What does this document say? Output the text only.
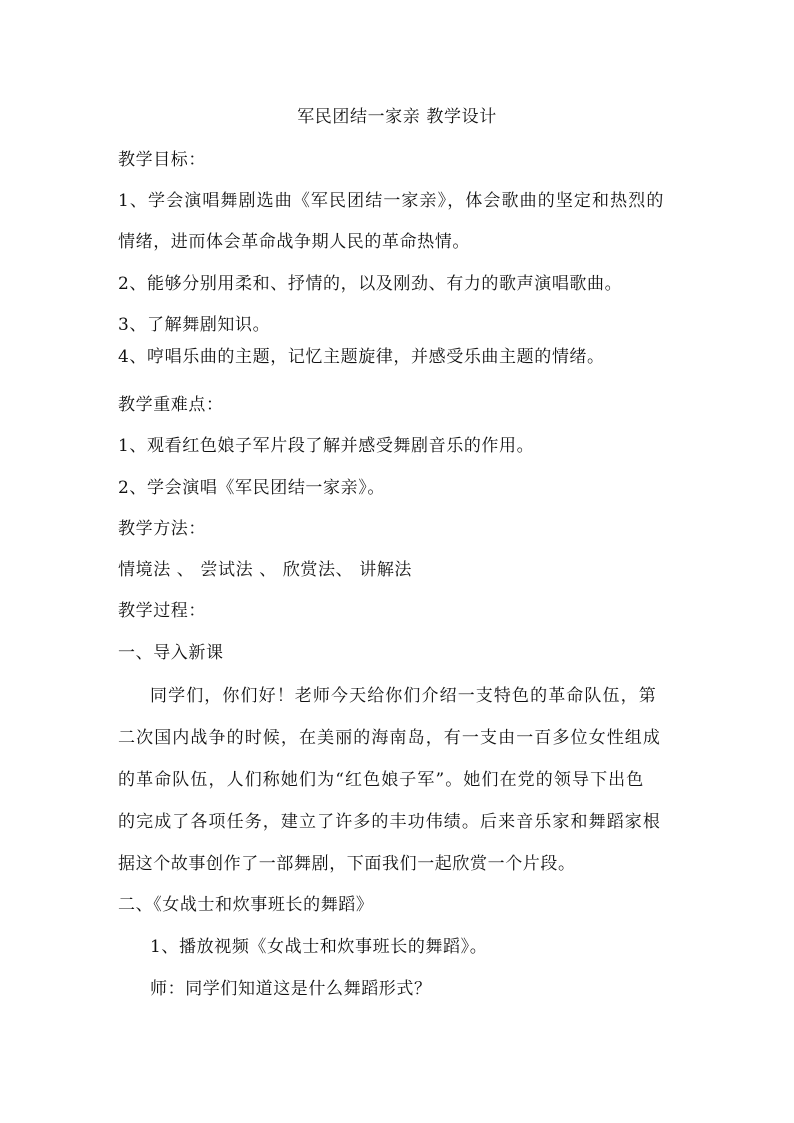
军民团结一家亲 教学设计
教学目标：
1、学会演唱舞剧选曲《军民团结一家亲》，体会歌曲的坚定和热烈的
情绪，进而体会革命战争期人民的革命热情。
2、能够分别用柔和、抒情的，以及刚劲、有力的歌声演唱歌曲。
3、了解舞剧知识。
4、哼唱乐曲的主题，记忆主题旋律，并感受乐曲主题的情绪。
教学重难点：
1、观看红色娘子军片段了解并感受舞剧音乐的作用。
2、学会演唱《军民团结一家亲》。
教学方法：
情境法 、 尝试法 、 欣赏法、 讲解法
教学过程：
一、导入新课
同学们，你们好！老师今天给你们介绍一支特色的革命队伍，第
二次国内战争的时候，在美丽的海南岛，有一支由一百多位女性组成
的革命队伍，人们称她们为“红色娘子军”。她们在党的领导下出色
的完成了各项任务，建立了许多的丰功伟绩。后来音乐家和舞蹈家根
据这个故事创作了一部舞剧，下面我们一起欣赏一个片段。
二、《女战士和炊事班长的舞蹈》
1、播放视频《女战士和炊事班长的舞蹈》。
师：同学们知道这是什么舞蹈形式？
